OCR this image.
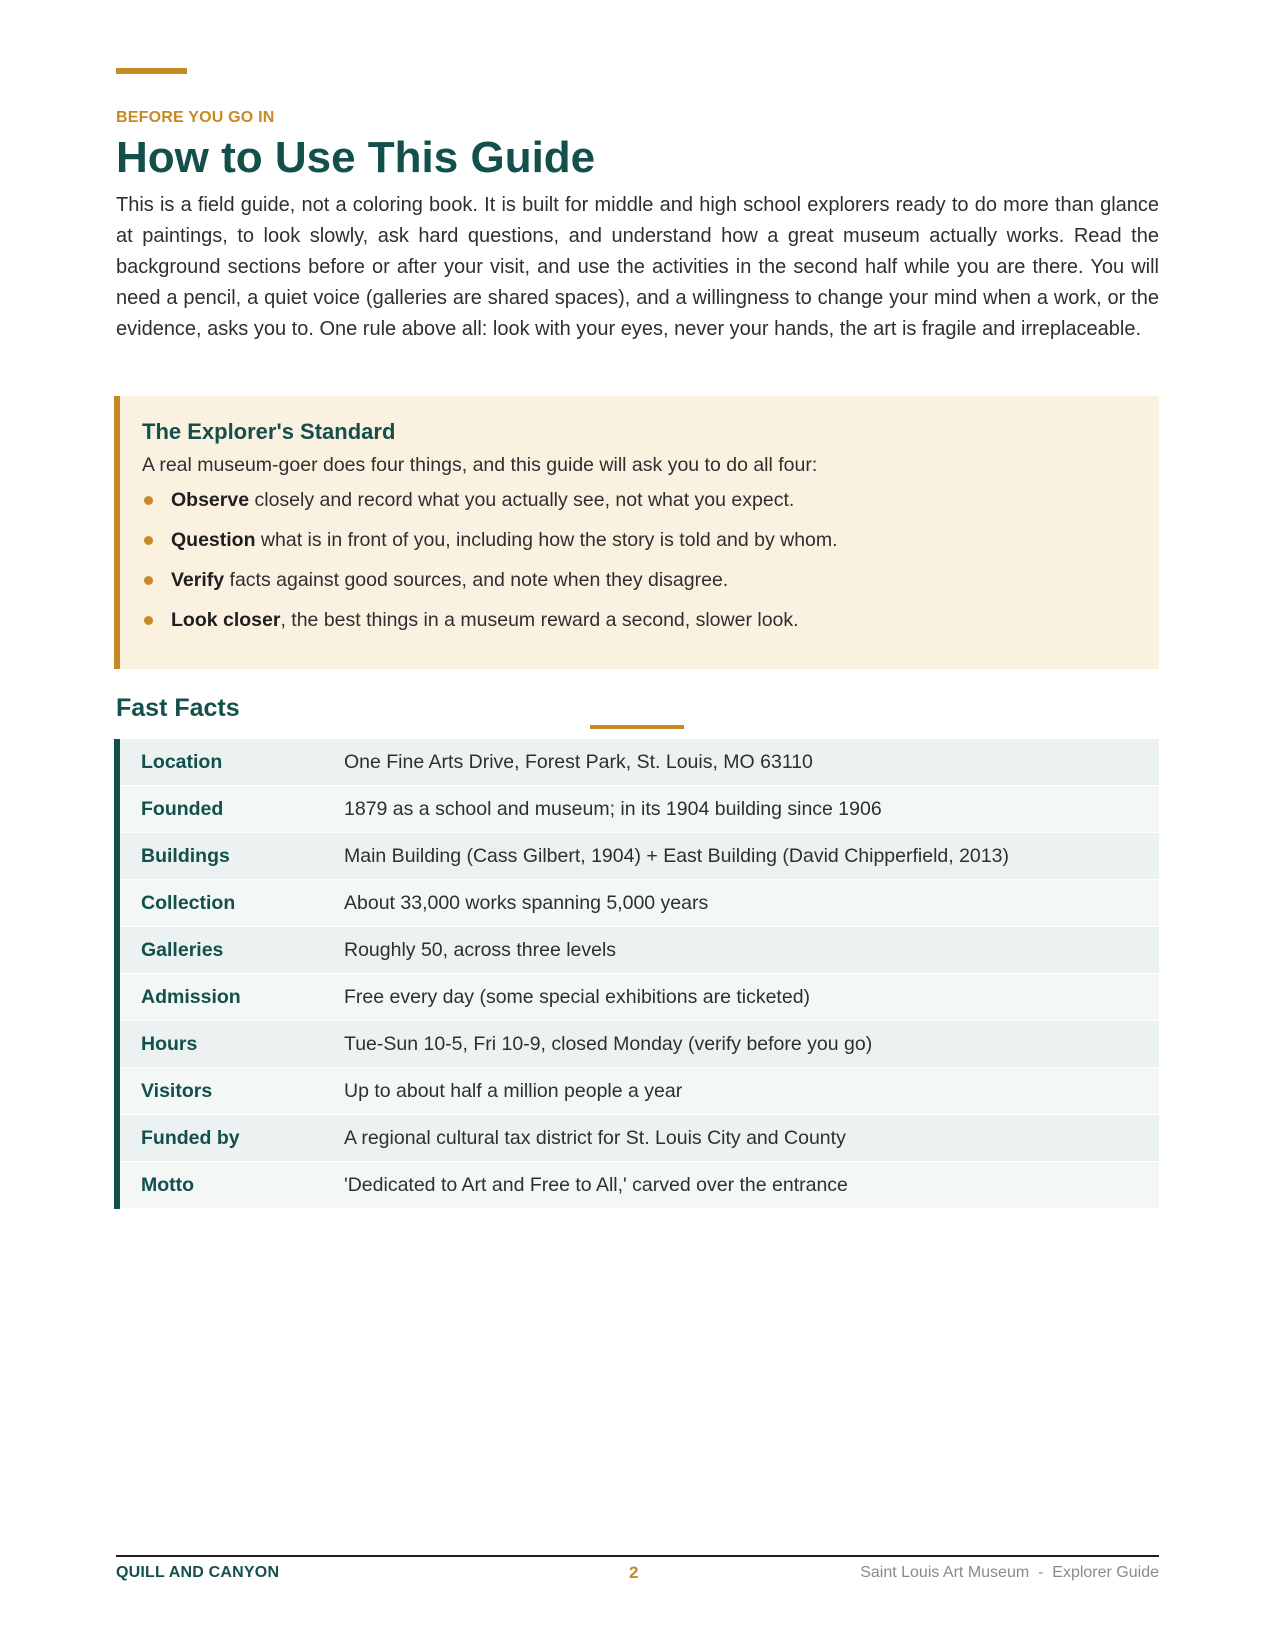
BEFORE YOU GO IN

How to Use This Guide

This is a field guide, not a coloring book. It is built for middle and high school explorers ready to do more than glance at paintings, to look slowly, ask hard questions, and understand how a great museum actually works. Read the background sections before or after your visit, and use the activities in the second half while you are there. You will need a pencil, a quiet voice (galleries are shared spaces), and a willingness to change your mind when a work, or the evidence, asks you to. One rule above all: look with your eyes, never your hands, the art is fragile and irreplaceable.

The Explorer's Standard

A real museum-goer does four things, and this guide will ask you to do all four:

Observe closely and record what you actually see, not what you expect.
Question what is in front of you, including how the story is told and by whom.
Verify facts against good sources, and note when they disagree.
Look closer, the best things in a museum reward a second, slower look.
Fast Facts
Location	One Fine Arts Drive, Forest Park, St. Louis, MO 63110
Founded	1879 as a school and museum; in its 1904 building since 1906
Buildings	Main Building (Cass Gilbert, 1904) + East Building (David Chipperfield, 2013)
Collection	About 33,000 works spanning 5,000 years
Galleries	Roughly 50, across three levels
Admission	Free every day (some special exhibitions are ticketed)
Hours	Tue-Sun 10-5, Fri 10-9, closed Monday (verify before you go)
Visitors	Up to about half a million people a year
Funded by	A regional cultural tax district for St. Louis City and County
Motto	'Dedicated to Art and Free to All,' carved over the entrance
QUILL AND CANYON	2	Saint Louis Art Museum  -  Explorer Guide
